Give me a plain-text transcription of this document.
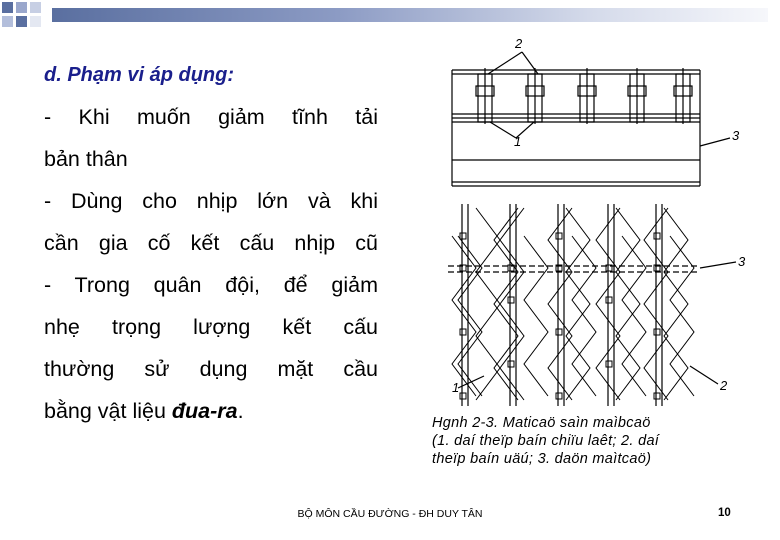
d. Phạm vi áp dụng:
- Khi muốn giảm tĩnh tải
bản thân
- Dùng cho nhịp lớn và khi
cần gia cố kết cấu nhịp cũ
- Trong quân đội, để giảm
nhẹ trọng lượng kết cấu
thường sử dụng mặt cầu
bằng vật liệu đua-ra.
2
1	3
3
1	2
Hgnh 2-3. Maticaö saìn maìbcaö
(1. daí theïp baín chiïu laêt; 2. daí
theïp baín uäú; 3. daön maìtcaö)
BỘ MÔN CẦU ĐƯỜNG - ĐH DUY TÂN	10
